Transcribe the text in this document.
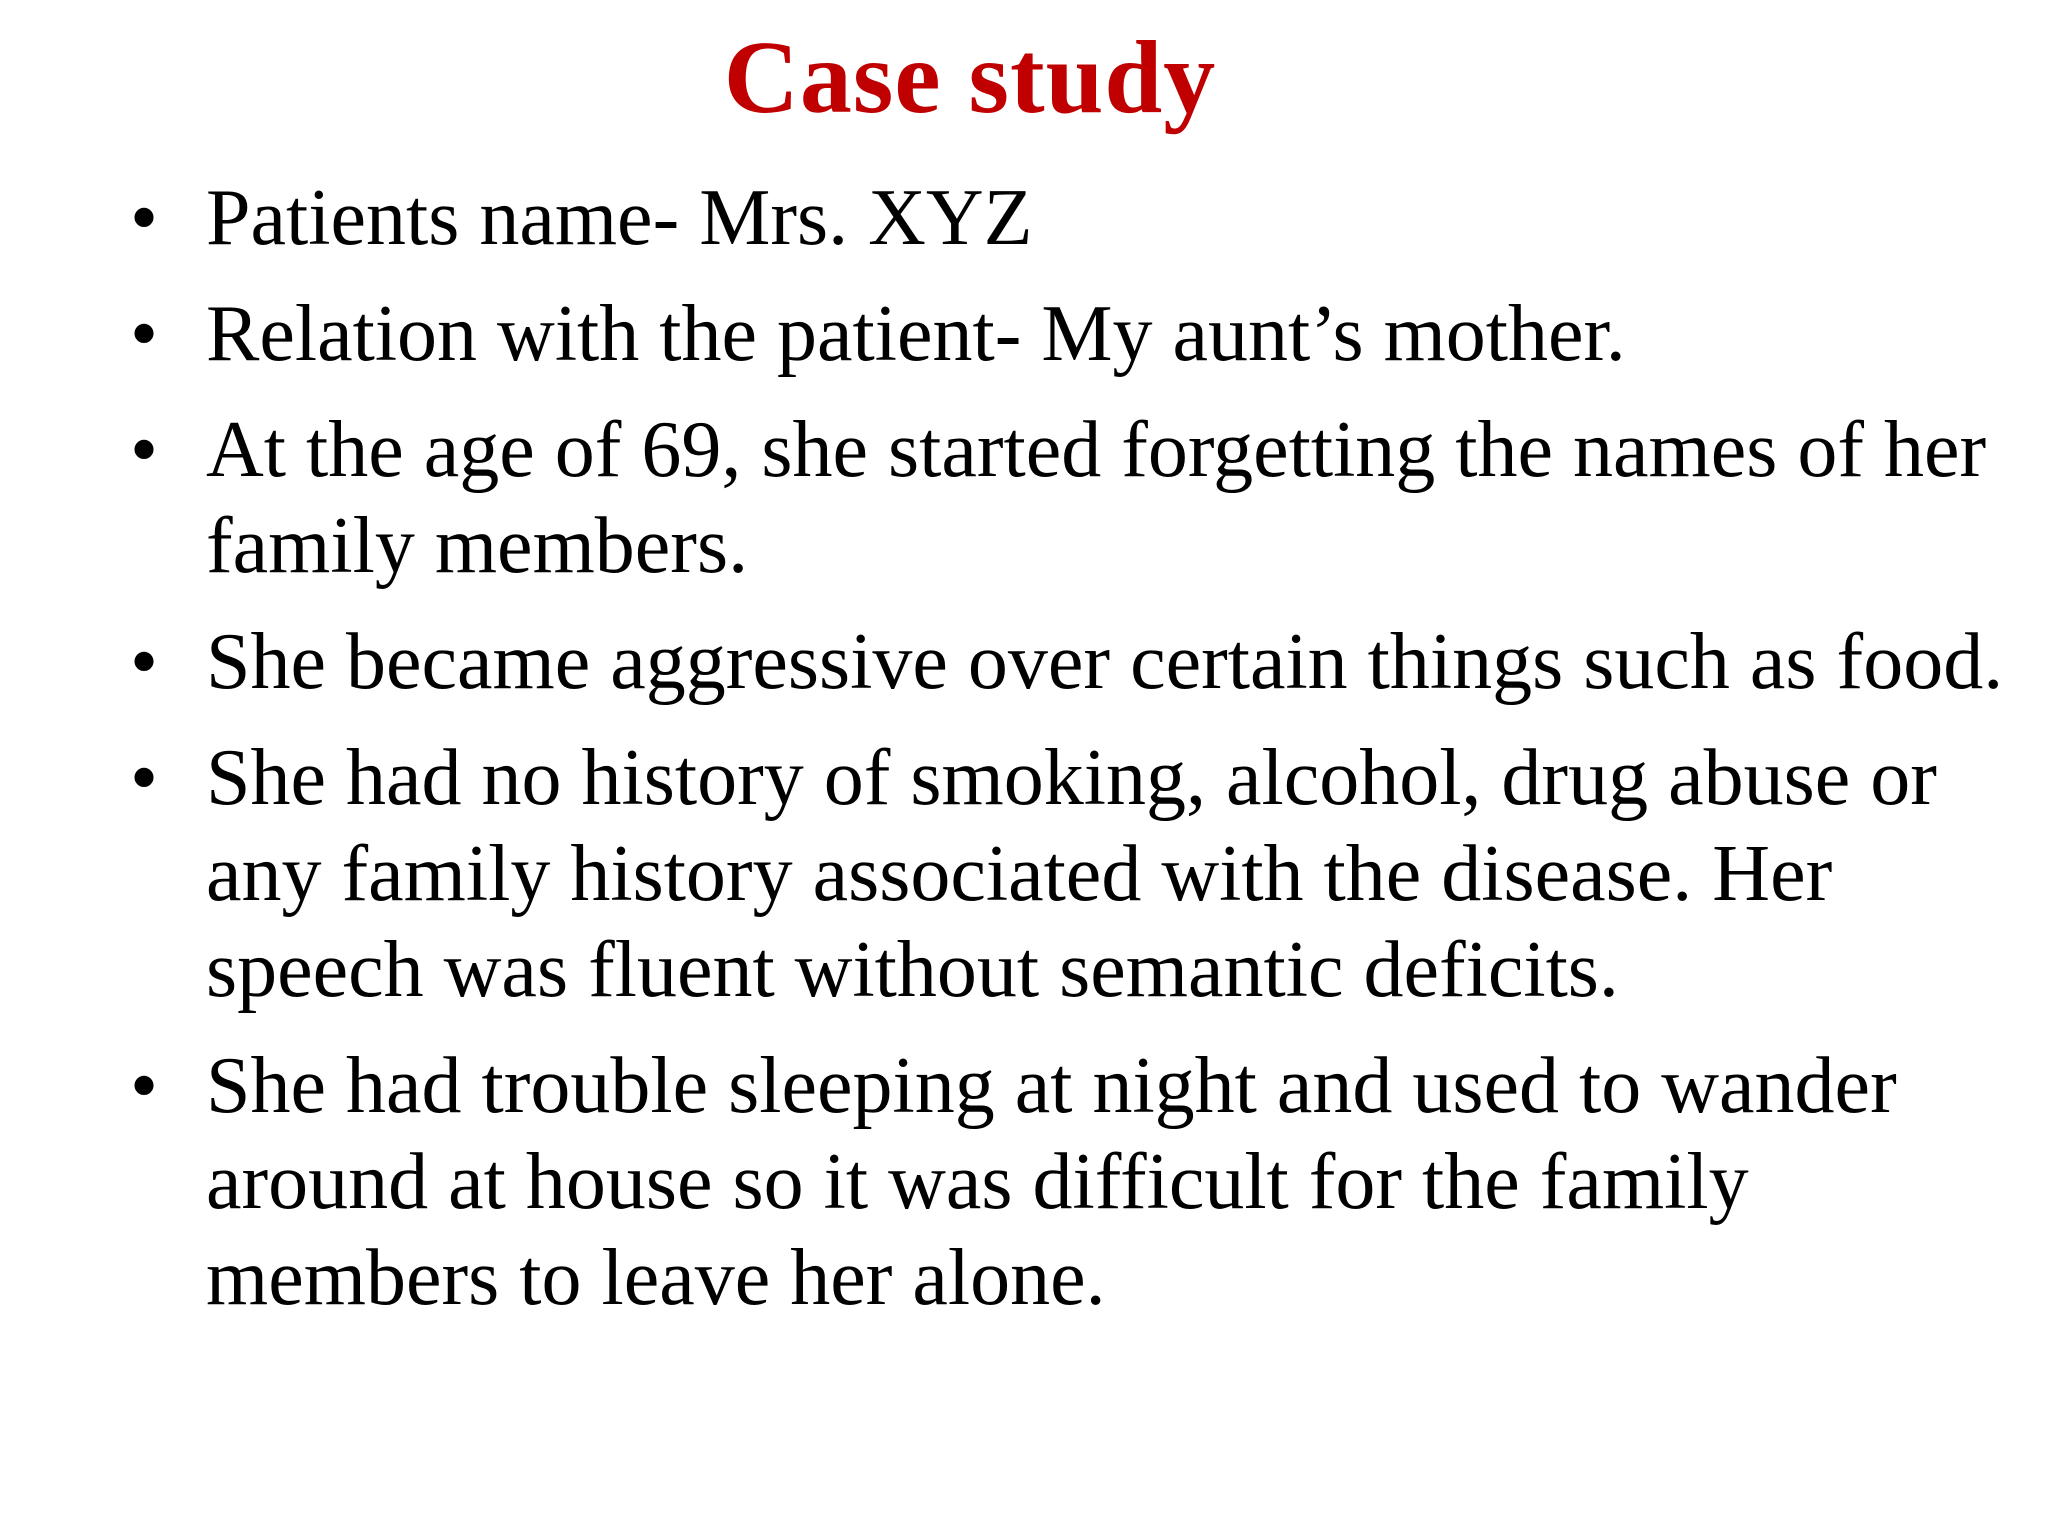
Case study
• Patients name- Mrs. XYZ
• Relation with the patient- My aunt’s mother.
• At the age of 69, she started forgetting the names of her family members.
• She became aggressive over certain things such as food.
• She had no history of smoking, alcohol, drug abuse or any family history associated with the disease. Her speech was fluent without semantic deficits.
• She had trouble sleeping at night and used to wander around at house so it was difficult for the family members to leave her alone.
